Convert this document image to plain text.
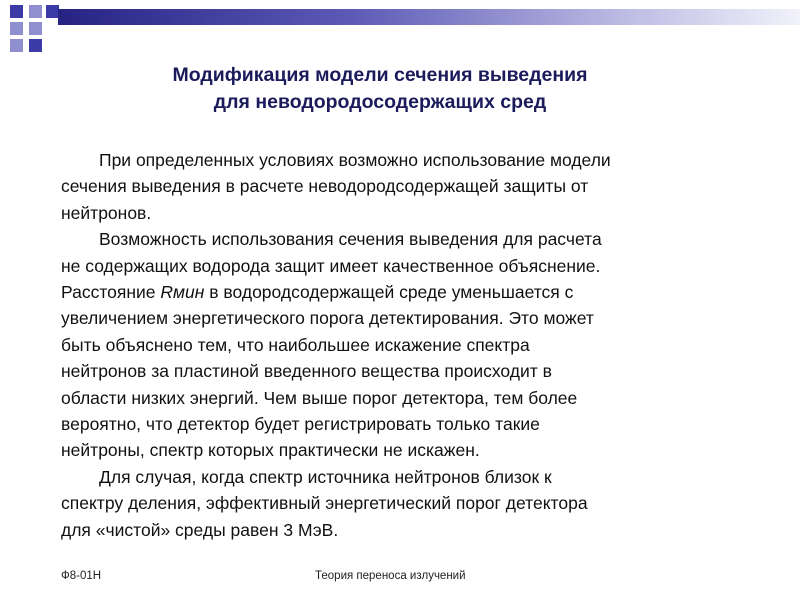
Модификация модели сечения выведения
для неводородосодержащих сред

При определенных условиях возможно использование модели

сечения выведения в расчете неводородсодержащей защиты от

нейтронов.

Возможность использования сечения выведения для расчета

не содержащих водорода защит имеет качественное объяснение.

Расстояние Rмин в водородсодержащей среде уменьшается с

увеличением энергетического порога детектирования. Это может

быть объяснено тем, что наибольшее искажение спектра

нейтронов за пластиной введенного вещества происходит в

области низких энергий. Чем выше порог детектора, тем более

вероятно, что детектор будет регистрировать только такие

нейтроны, спектр которых практически не искажен.

Для случая, когда спектр источника нейтронов близок к

спектру деления, эффективный энергетический порог детектора

для «чистой» среды равен 3 МэВ.

Ф8-01Н	Теория переноса излучений
